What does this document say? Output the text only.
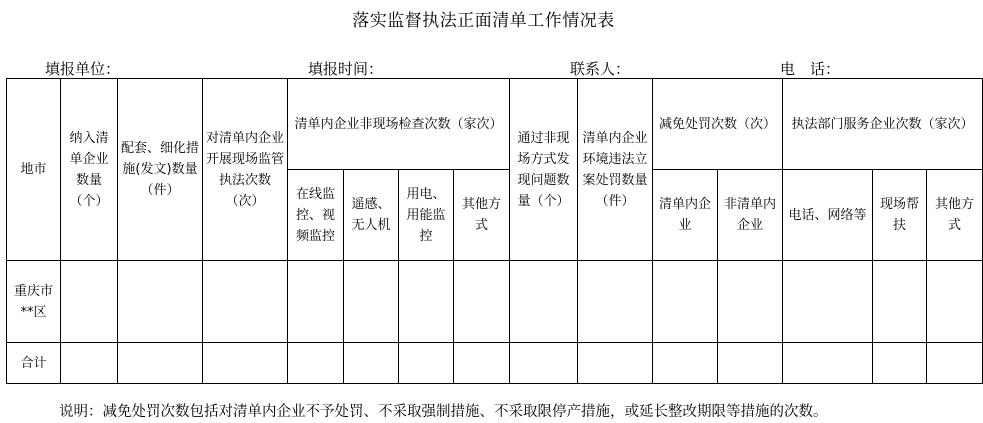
落实监督执法正面清单工作情况表
填报单位：	填报时间：	联系人：	电　话：
地市	纳入清单企业数量（个）	配套、细化措施(发文)数量（件）	对清单内企业开展现场监管执法次数（次）	清单内企业非现场检查次数（家次）				通过非现场方式发现问题数量（个）	清单内企业环境违法立案处罚数量（件）	减免处罚次数（次）		执法部门服务企业次数（家次）		
				在线监控、视频监控	遥感、无人机	用电、用能监控	其他方式			清单内企业	非清单内企业	电话、网络等	现场帮扶	其他方式
重庆市**区														
合计														
说明：减免处罚次数包括对清单内企业不予处罚、不采取强制措施、不采取限停产措施，或延长整改期限等措施的次数。
